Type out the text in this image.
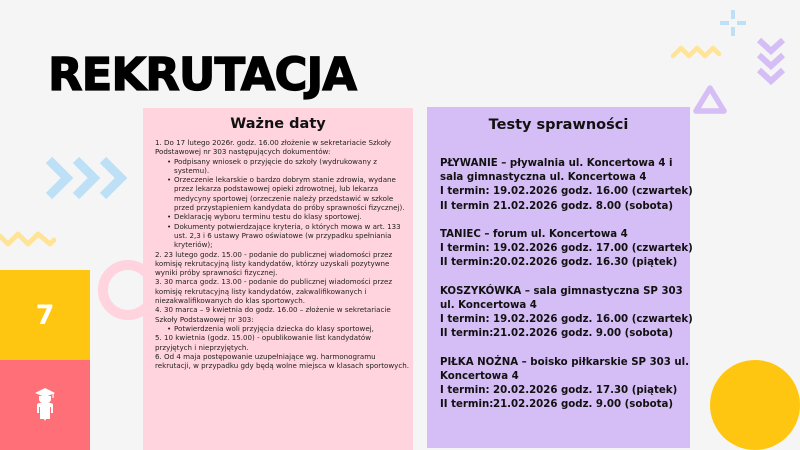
REKRUTACJA
Ważne daty
1. Do 17 lutego 2026r. godz. 16.00 złożenie w sekretariacie Szkoły Podstawowej nr 303 następujących dokumentów:
• Podpisany wniosek o przyjęcie do szkoły (wydrukowany z systemu).
• Orzeczenie lekarskie o bardzo dobrym stanie zdrowia, wydane przez lekarza podstawowej opieki zdrowotnej, lub lekarza medycyny sportowej (orzeczenie należy przedstawić w szkole przed przystąpieniem kandydata do próby sprawności fizycznej).
• Deklarację wyboru terminu testu do klasy sportowej.
• Dokumenty potwierdzające kryteria, o których mowa w art. 133 ust. 2,3 i 6 ustawy Prawo oświatowe (w przypadku spełniania kryteriów);
2. 23 lutego godz. 15.00 - podanie do publicznej wiadomości przez komisję rekrutacyjną listy kandydatów, którzy uzyskali pozytywne wyniki próby sprawności fizycznej.
3. 30 marca godz. 13.00 - podanie do publicznej wiadomości przez komisję rekrutacyjną listy kandydatów, zakwalifikowanych i niezakwalifikowanych do klas sportowych.
4. 30 marca – 9 kwietnia do godz. 16.00 – złożenie w sekretariacie Szkoły Podstawowej nr 303:
• Potwierdzenia woli przyjęcia dziecka do klasy sportowej,
5. 10 kwietnia (godz. 15.00) - opublikowanie list kandydatów przyjętych i nieprzyjętych.
6. Od 4 maja postępowanie uzupełniające wg. harmonogramu rekrutacji, w przypadku gdy będą wolne miejsca w klasach sportowych.
Testy sprawności
PŁYWANIE – pływalnia ul. Koncertowa 4 i sala gimnastyczna ul. Koncertowa 4
I termin: 19.02.2026 godz. 16.00 (czwartek)
II termin 21.02.2026 godz. 8.00 (sobota)
TANIEC – forum ul. Koncertowa 4
I termin: 19.02.2026 godz. 17.00 (czwartek)
II termin: 20.02.2026 godz. 16.30 (piątek)
KOSZYKÓWKA – sala gimnastyczna SP 303 ul. Koncertowa 4
I termin: 19.02.2026 godz. 16.00 (czwartek)
II termin: 21.02.2026 godz. 9.00 (sobota)
PIŁKA NOŻNA – boisko piłkarskie SP 303 ul. Koncertowa 4
I termin: 20.02.2026 godz. 17.30 (piątek)
II termin: 21.02.2026 godz. 9.00 (sobota)
7
